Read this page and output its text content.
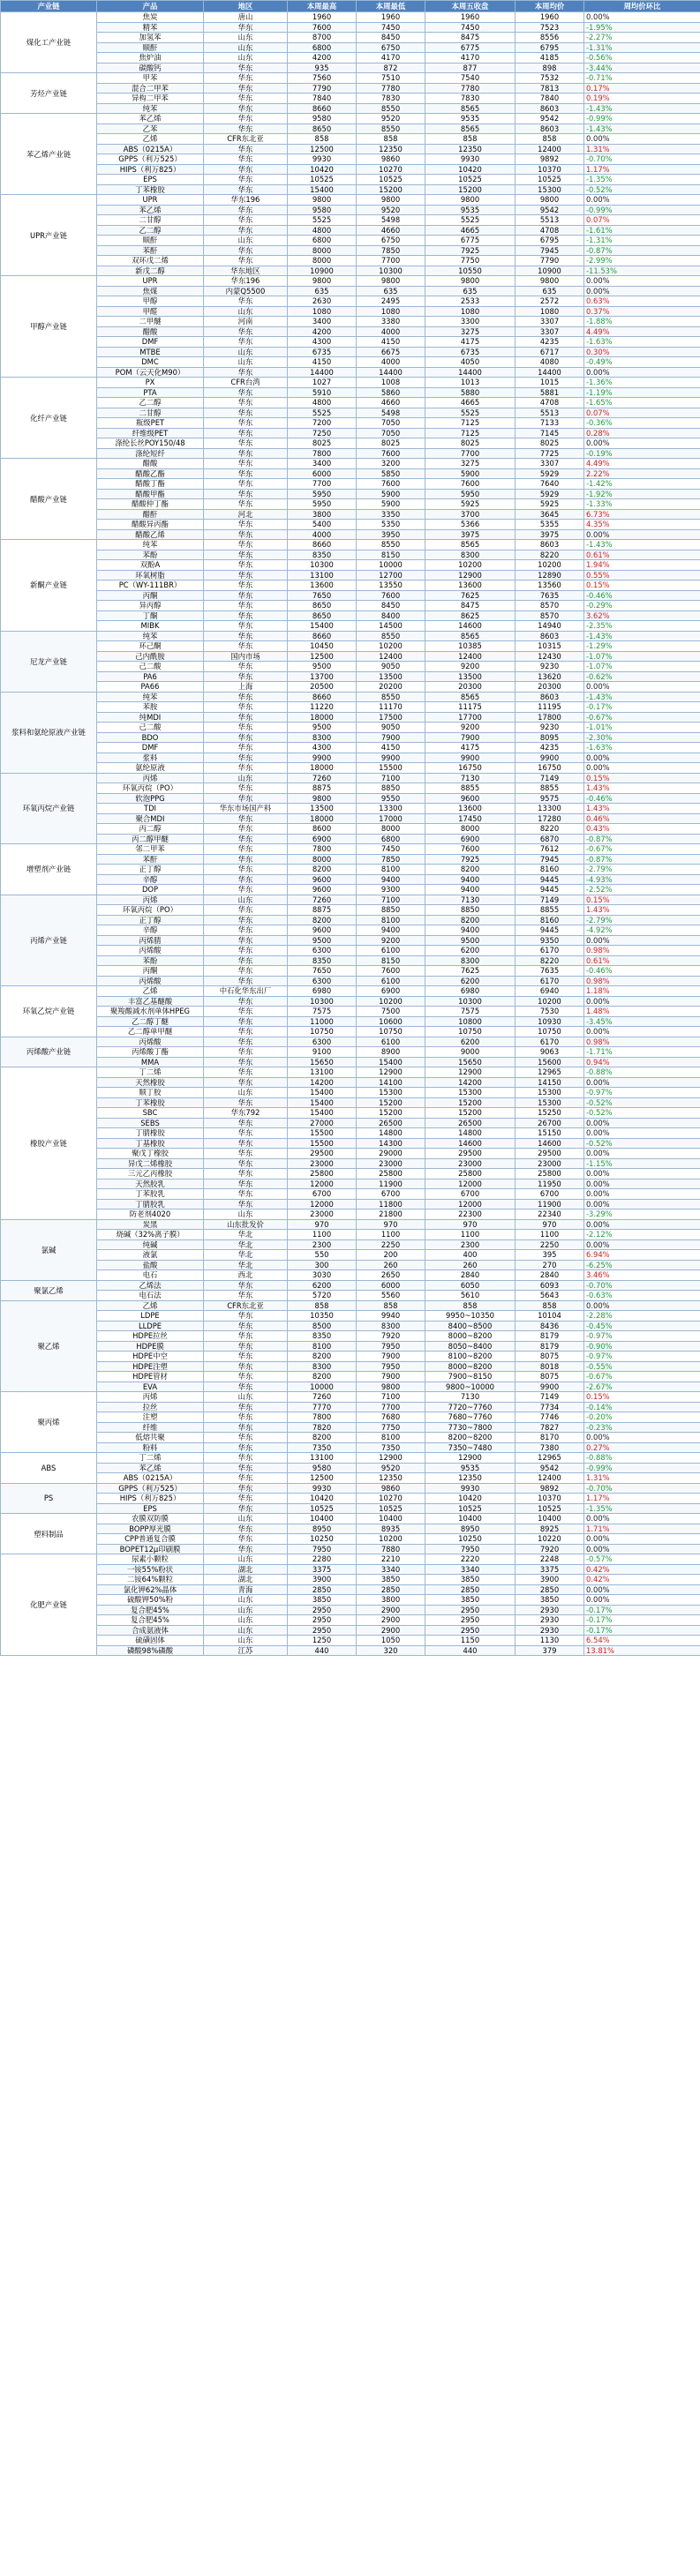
产业链	产品	地区	本周最高	本周最低	本周五收盘	本周均价	周均价环比
煤化工产业链	焦炭	唐山	1960	1960	1960	1960	0.00%
	精苯	华东	7600	7450	7450	7523	-1.95%
	加氢苯	山东	8700	8450	8475	8556	-2.27%
	顺酐	山东	6800	6750	6775	6795	-1.31%
	焦炉油	山东	4200	4170	4170	4185	-0.56%
	碳酸钙	华东	935	872	877	898	-3.44%
芳烃产业链	甲苯	华东	7560	7510	7540	7532	-0.71%
	混合二甲苯	华东	7790	7780	7780	7813	0.17%
	异构二甲苯	华东	7840	7830	7830	7840	0.19%
	纯苯	华东	8660	8550	8565	8603	-1.43%
苯乙烯产业链	苯乙烯	华东	9580	9520	9535	9542	-0.99%
	乙苯	华东	8650	8550	8565	8603	-1.43%
	乙烯	CFR东北亚	858	858	858	858	0.00%
	ABS（0215A）	华东	12500	12350	12350	12400	1.31%
	GPPS（利万525）	华东	9930	9860	9930	9892	-0.70%
	HIPS（利万825）	华东	10420	10270	10420	10370	1.17%
	EPS	华东	10525	10525	10525	10525	-1.35%
	丁苯橡胶	华东	15400	15200	15200	15300	-0.52%
UPR产业链	UPR	华东196	9800	9800	9800	9800	0.00%
	苯乙烯	华东	9580	9520	9535	9542	-0.99%
	二甘醇	华东	5525	5498	5525	5513	0.07%
	乙二醇	华东	4800	4660	4665	4708	-1.61%
	顺酐	山东	6800	6750	6775	6795	-1.31%
	苯酐	华东	8000	7850	7925	7945	-0.87%
	双环戊二烯	华东	8000	7700	7750	7790	-2.99%
	新戊二醇	华东地区	10900	10300	10550	10900	-11.53%
甲醇产业链	UPR	华东196	9800	9800	9800	9800	0.00%
	焦煤	内蒙Q5500	635	635	635	635	0.00%
	甲醇	华东	2630	2495	2533	2572	0.63%
	甲醛	山东	1080	1080	1080	1080	0.37%
	二甲醚	河南	3400	3380	3300	3307	-1.88%
	醋酸	华东	4200	4000	3275	3307	4.49%
	DMF	华东	4300	4150	4175	4235	-1.63%
	MTBE	山东	6735	6675	6735	6717	0.30%
	DMC	山东	4150	4000	4050	4080	-0.49%
	POM（云天化M90）	华东	14400	14400	14400	14400	0.00%
化纤产业链	PX	CFR台湾	1027	1008	1013	1015	-1.36%
	PTA	华东	5910	5860	5880	5881	-1.19%
	乙二醇	华东	4800	4660	4665	4708	-1.65%
	二甘醇	华东	5525	5498	5525	5513	0.07%
	瓶级PET	华东	7200	7050	7125	7133	-0.36%
	纤维级PET	华东	7250	7050	7125	7145	0.28%
	涤纶长丝POY150/48	华东	8025	8025	8025	8025	0.00%
	涤纶短纤	华东	7800	7600	7700	7725	-0.19%
醋酸产业链	醋酸	华东	3400	3200	3275	3307	4.49%
	醋酸乙酯	华东	6000	5850	5900	5929	2.22%
	醋酸丁酯	华东	7700	7600	7600	7640	-1.42%
	醋酸甲酯	华东	5950	5900	5950	5929	-1.92%
	醋酸仲丁酯	华东	5950	5900	5925	5925	-1.33%
	醋酐	河北	3800	3350	3700	3645	6.73%
	醋酸异丙酯	华东	5400	5350	5366	5355	4.35%
	醋酸乙烯	华东	4000	3950	3975	3975	0.00%
新酮产业链	纯苯	华东	8660	8550	8565	8603	-1.43%
	苯酚	华东	8350	8150	8300	8220	0.61%
	双酚A	华东	10300	10000	10200	10200	1.94%
	环氧树脂	华东	13100	12700	12900	12890	0.55%
	PC（WY-111BR）	华东	13600	13550	13600	13560	0.15%
	丙酮	华东	7650	7600	7625	7635	-0.46%
	异丙醇	华东	8650	8450	8475	8570	-0.29%
	丁酮	华东	8650	8400	8625	8570	3.62%
	MIBK	华东	15400	14500	14600	14940	-2.35%
尼龙产业链	纯苯	华东	8660	8550	8565	8603	-1.43%
	环己酮	华东	10450	10200	10385	10315	-1.29%
	己内酰胺	国内市场	12500	12400	12400	12430	-1.07%
	己二酸	华东	9500	9050	9200	9230	-1.07%
	PA6	华东	13700	13500	13500	13620	-0.62%
	PA66	上海	20500	20200	20300	20300	0.00%
浆料和氨纶原液产业链	纯苯	华东	8660	8550	8565	8603	-1.43%
	苯胺	华东	11220	11170	11175	11195	-0.17%
	纯MDI	华东	18000	17500	17700	17800	-0.67%
	己二酸	华东	9500	9050	9200	9230	-1.01%
	BDO	华东	8300	7900	7900	8095	-2.30%
	DMF	华东	4300	4150	4175	4235	-1.63%
	浆料	华东	9900	9900	9900	9900	0.00%
	氨纶原液	华东	18000	15500	16750	16750	0.00%
环氧丙烷产业链	丙烯	山东	7260	7100	7130	7149	0.15%
	环氧丙烷（PO）	华东	8875	8850	8855	8855	1.43%
	软泡PPG	华东	9800	9550	9600	9575	-0.46%
	TDI	华东市场国产料	13500	13300	13600	13300	1.43%
	聚合MDI	华东	18000	17000	17450	17280	0.46%
	丙二醇	华东	8600	8000	8000	8220	0.43%
	丙二醇甲醚	华东	6900	6800	6900	6870	-0.87%
增塑剂产业链	邻二甲苯	华东	7800	7450	7600	7612	-0.67%
	苯酐	华东	8000	7850	7925	7945	-0.87%
	正丁醇	华东	8200	8100	8200	8160	-2.79%
	辛醇	华东	9600	9400	9400	9445	-4.93%
	DOP	华东	9600	9300	9400	9445	-2.52%
丙烯产业链	丙烯	山东	7260	7100	7130	7149	0.15%
	环氧丙烷（PO）	华东	8875	8850	8850	8855	1.43%
	正丁醇	华东	8200	8100	8200	8160	-2.79%
	辛醇	华东	9600	9400	9400	9445	-4.92%
	丙烯腈	华东	9500	9200	9500	9350	0.00%
	丙烯酸	华东	6300	6100	6200	6170	0.98%
	苯酚	华东	8350	8150	8300	8220	0.61%
	丙酮	华东	7650	7600	7625	7635	-0.46%
	丙烯酸	华东	6300	6100	6200	6170	0.98%
环氧乙烷产业链	乙烯	中石化华东出厂	6980	6900	6980	6940	1.18%
	丰富乙基醚酸	华东	10300	10200	10300	10200	0.00%
	聚羧酸减水剂单体HPEG	华东	7575	7500	7575	7530	1.48%
	乙二醇丁醚	华东	11000	10600	10800	10930	-3.45%
	乙二醇单甲醚	华东	10750	10750	10750	10750	0.00%
丙烯酸产业链	丙烯酸	华东	6300	6100	6200	6170	0.98%
	丙烯酸丁酯	华东	9100	8900	9000	9063	-1.71%
	MMA	华东	15650	15400	15650	15600	0.94%
橡胶产业链	丁二烯	华东	13100	12900	12900	12965	-0.88%
	天然橡胶	华东	14200	14100	14200	14150	0.00%
	顺丁胶	山东	15400	15300	15300	15300	-0.97%
	丁苯橡胶	华东	15400	15200	15200	15300	-0.52%
	SBC	华东792	15400	15200	15200	15250	-0.52%
	SEBS	华东	27000	26500	26500	26700	0.00%
	丁腈橡胶	华东	15500	14800	14800	15150	0.00%
	丁基橡胶	华东	15500	14300	14600	14600	-0.52%
	聚戊丁橡胶	华东	29500	29000	29500	29500	0.00%
	异戊二烯橡胶	华东	23000	23000	23000	23000	-1.15%
	三元乙丙橡胶	华东	25800	25800	25800	25800	0.00%
	天然胶乳	华东	12000	11900	12000	11950	0.00%
	丁苯胶乳	华东	6700	6700	6700	6700	0.00%
	丁腈胶乳	华东	12000	11800	12000	11900	0.00%
	防老剂4020	山东	23000	21800	22300	22340	-3.29%
氯碱	炭黑	山东批发价	970	970	970	970	0.00%
	烧碱（32%离子膜）	华北	1100	1100	1100	1100	-2.12%
	纯碱	华北	2300	2250	2300	2250	0.00%
	液氯	华北	550	200	400	395	6.94%
	盐酸	华北	300	260	260	270	-6.25%
	电石	西北	3030	2650	2840	2840	3.46%
聚氯乙烯	乙烯法	华东	6200	6000	6050	6093	-0.70%
	电石法	华东	5720	5560	5610	5643	-0.63%
聚乙烯	乙烯	CFR东北亚	858	858	858	858	0.00%
	LDPE	华东	10350	9940	9950~10350	10104	-2.28%
	LLDPE	华东	8500	8300	8400~8500	8436	-0.45%
	HDPE拉丝	华东	8350	7920	8000~8200	8179	-0.97%
	HDPE膜	华东	8100	7950	8050~8400	8179	-0.90%
	HDPE中空	华东	8200	7900	8100~8200	8075	-0.97%
	HDPE注塑	华东	8300	7950	8000~8200	8018	-0.55%
	HDPE管材	华东	8200	7900	7900~8150	8075	-0.67%
	EVA	华东	10000	9800	9800~10000	9900	-2.67%
聚丙烯	丙烯	山东	7260	7100	7130	7149	0.15%
	拉丝	华东	7770	7700	7720~7760	7734	-0.14%
	注塑	华东	7800	7680	7680~7760	7746	-0.20%
	纤维	华东	7820	7750	7730~7800	7827	-0.23%
	低熔共聚	华东	8200	8100	8200~8200	8170	0.00%
	粉料	华东	7350	7350	7350~7480	7380	0.27%
ABS	丁二烯	华东	13100	12900	12900	12965	-0.88%
	苯乙烯	华东	9580	9520	9535	9542	-0.99%
	ABS（0215A）	华东	12500	12350	12350	12400	1.31%
PS	GPPS（利万525）	华东	9930	9860	9930	9892	-0.70%
	HIPS（利万825）	华东	10420	10270	10420	10370	1.17%
	EPS	华东	10525	10525	10525	10525	-1.35%
塑料制品	农膜双防膜	山东	10400	10400	10400	10400	0.00%
	BOPP厚光膜	华东	8950	8935	8950	8925	1.71%
	CPP普通复合膜	华东	10250	10200	10250	10220	0.00%
	BOPET12μ印刷膜	华东	7950	7880	7950	7920	0.00%
化肥产业链	尿素小颗粒	山东	2280	2210	2220	2248	-0.57%
	一铵55%粉状	湖北	3375	3340	3340	3375	0.42%
	二铵64%颗粒	湖北	3900	3850	3850	3900	0.42%
	氯化钾62%晶体	青海	2850	2850	2850	2850	0.00%
	硫酸钾50%粉	山东	3850	3800	3850	3850	0.00%
	复合肥45%	山东	2950	2900	2950	2930	-0.17%
	复合肥45%	山东	2950	2900	2950	2930	-0.17%
	合成氨液体	山东	2950	2900	2950	2930	-0.17%
	硫磺固体	山东	1250	1050	1150	1130	6.54%
	磷酸98%磷酸	江苏	440	320	440	379	13.81%
